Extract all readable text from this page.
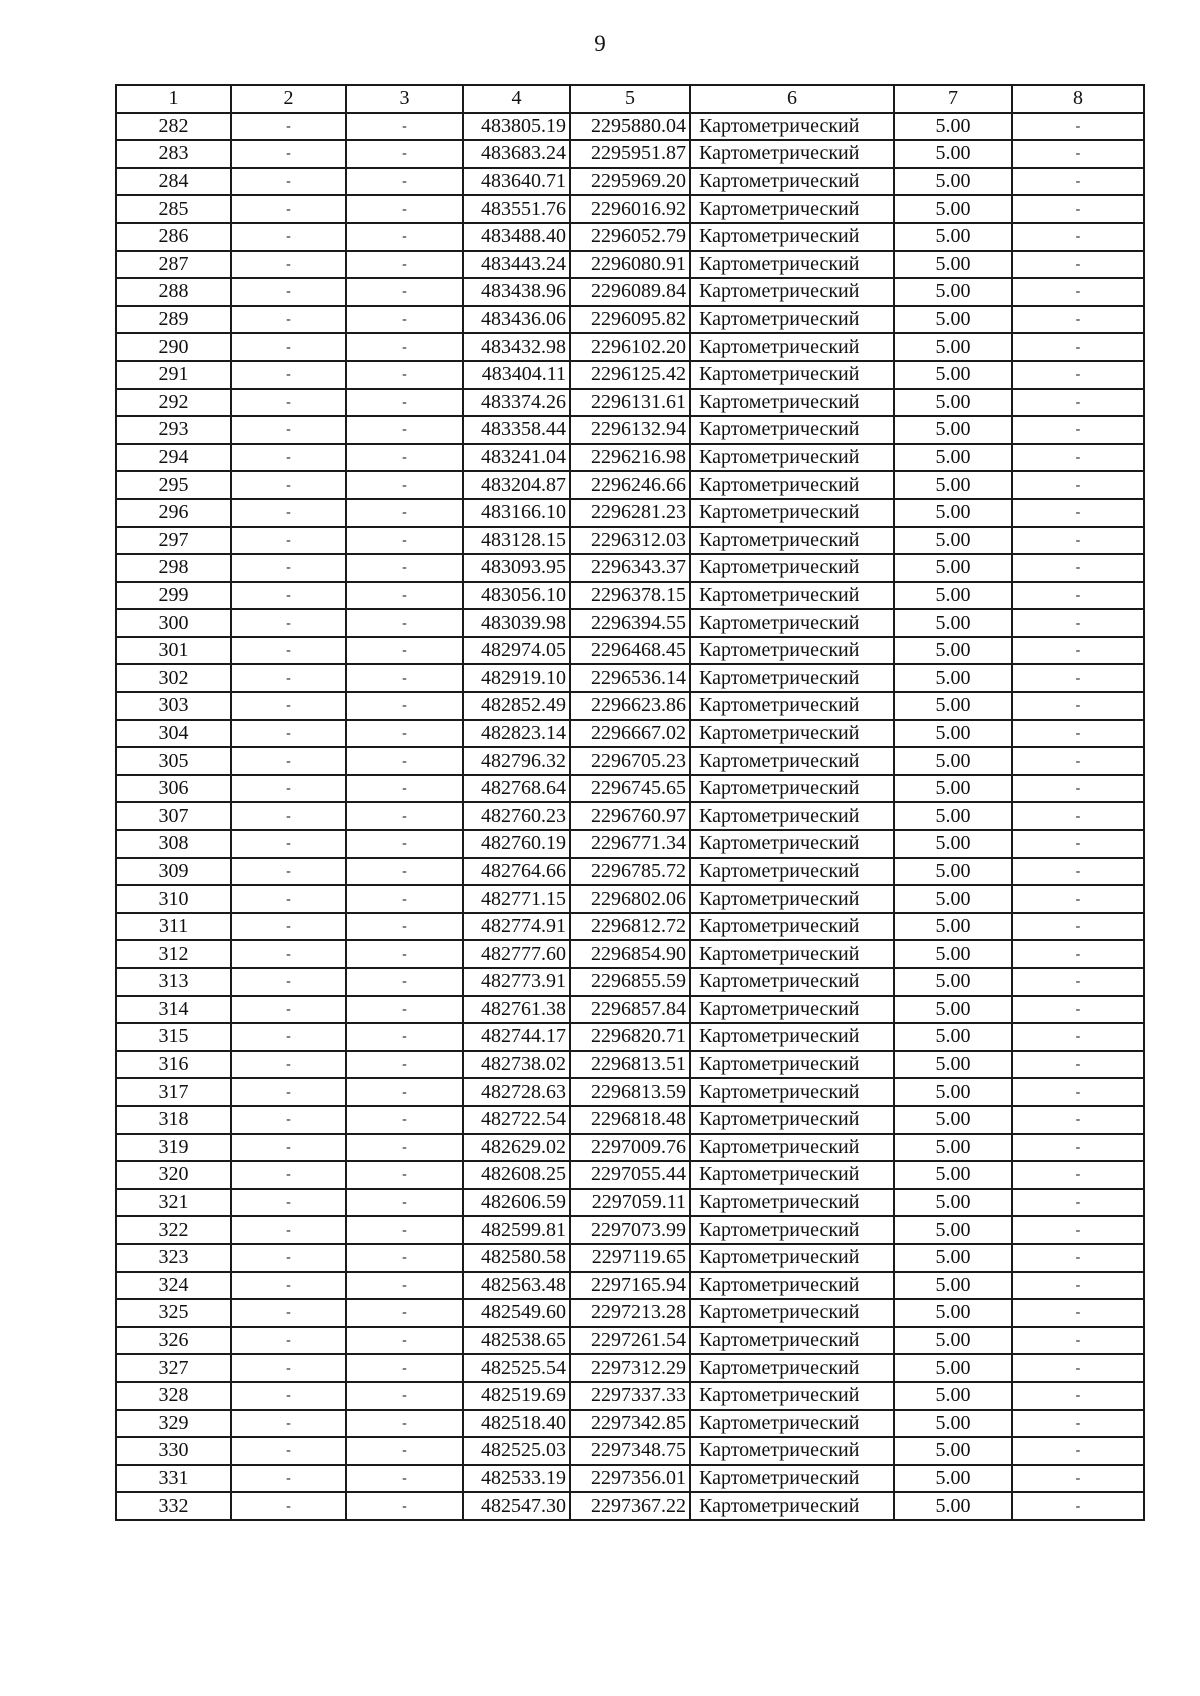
9
1	2	3	4	5	6	7	8
282	-	-	483805.19	2295880.04	Картометрический	5.00	-
283	-	-	483683.24	2295951.87	Картометрический	5.00	-
284	-	-	483640.71	2295969.20	Картометрический	5.00	-
285	-	-	483551.76	2296016.92	Картометрический	5.00	-
286	-	-	483488.40	2296052.79	Картометрический	5.00	-
287	-	-	483443.24	2296080.91	Картометрический	5.00	-
288	-	-	483438.96	2296089.84	Картометрический	5.00	-
289	-	-	483436.06	2296095.82	Картометрический	5.00	-
290	-	-	483432.98	2296102.20	Картометрический	5.00	-
291	-	-	483404.11	2296125.42	Картометрический	5.00	-
292	-	-	483374.26	2296131.61	Картометрический	5.00	-
293	-	-	483358.44	2296132.94	Картометрический	5.00	-
294	-	-	483241.04	2296216.98	Картометрический	5.00	-
295	-	-	483204.87	2296246.66	Картометрический	5.00	-
296	-	-	483166.10	2296281.23	Картометрический	5.00	-
297	-	-	483128.15	2296312.03	Картометрический	5.00	-
298	-	-	483093.95	2296343.37	Картометрический	5.00	-
299	-	-	483056.10	2296378.15	Картометрический	5.00	-
300	-	-	483039.98	2296394.55	Картометрический	5.00	-
301	-	-	482974.05	2296468.45	Картометрический	5.00	-
302	-	-	482919.10	2296536.14	Картометрический	5.00	-
303	-	-	482852.49	2296623.86	Картометрический	5.00	-
304	-	-	482823.14	2296667.02	Картометрический	5.00	-
305	-	-	482796.32	2296705.23	Картометрический	5.00	-
306	-	-	482768.64	2296745.65	Картометрический	5.00	-
307	-	-	482760.23	2296760.97	Картометрический	5.00	-
308	-	-	482760.19	2296771.34	Картометрический	5.00	-
309	-	-	482764.66	2296785.72	Картометрический	5.00	-
310	-	-	482771.15	2296802.06	Картометрический	5.00	-
311	-	-	482774.91	2296812.72	Картометрический	5.00	-
312	-	-	482777.60	2296854.90	Картометрический	5.00	-
313	-	-	482773.91	2296855.59	Картометрический	5.00	-
314	-	-	482761.38	2296857.84	Картометрический	5.00	-
315	-	-	482744.17	2296820.71	Картометрический	5.00	-
316	-	-	482738.02	2296813.51	Картометрический	5.00	-
317	-	-	482728.63	2296813.59	Картометрический	5.00	-
318	-	-	482722.54	2296818.48	Картометрический	5.00	-
319	-	-	482629.02	2297009.76	Картометрический	5.00	-
320	-	-	482608.25	2297055.44	Картометрический	5.00	-
321	-	-	482606.59	2297059.11	Картометрический	5.00	-
322	-	-	482599.81	2297073.99	Картометрический	5.00	-
323	-	-	482580.58	2297119.65	Картометрический	5.00	-
324	-	-	482563.48	2297165.94	Картометрический	5.00	-
325	-	-	482549.60	2297213.28	Картометрический	5.00	-
326	-	-	482538.65	2297261.54	Картометрический	5.00	-
327	-	-	482525.54	2297312.29	Картометрический	5.00	-
328	-	-	482519.69	2297337.33	Картометрический	5.00	-
329	-	-	482518.40	2297342.85	Картометрический	5.00	-
330	-	-	482525.03	2297348.75	Картометрический	5.00	-
331	-	-	482533.19	2297356.01	Картометрический	5.00	-
332	-	-	482547.30	2297367.22	Картометрический	5.00	-
